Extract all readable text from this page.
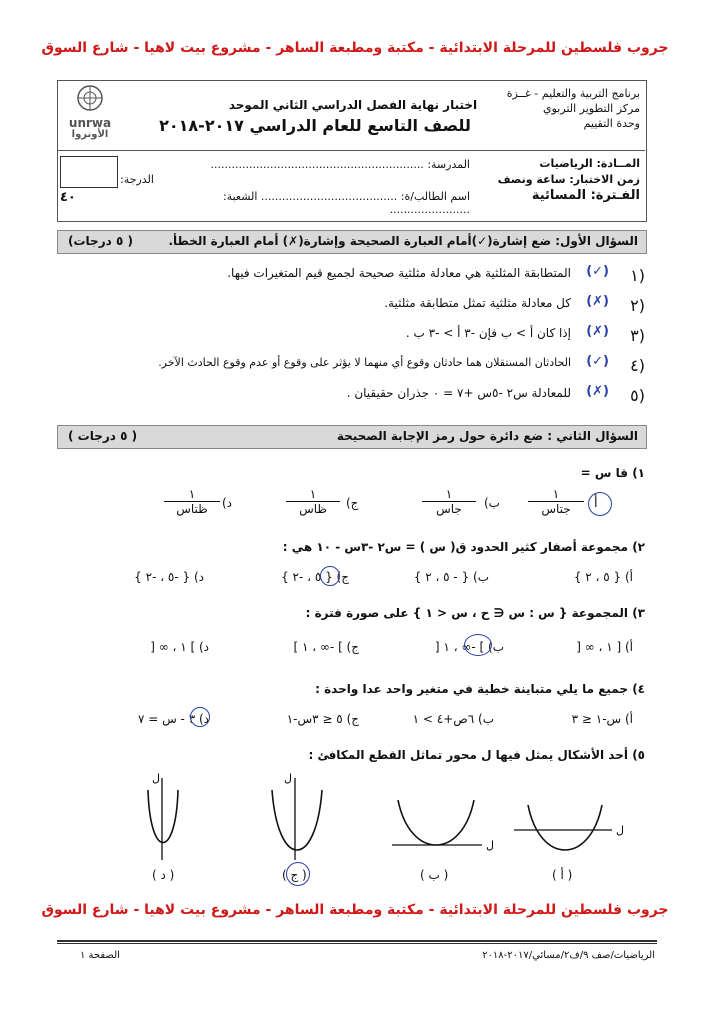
جروب فلسطين للمرحلة الابتدائية - مكتبة ومطبعة الساهر - مشروع بيت لاهيا - شارع السوق
برنامج التربية والتعليم - غــزة
مركز التطوير التربوي
وحدة التقييم
اختبار نهاية الفصل الدراسي الثاني الموحد
للصف التاسع للعام الدراسي ٢٠١٧-٢٠١٨
unrwa
الأونروا
المــادة: الرياضيات
زمن الاختبار: ساعة ونصف
الفـترة: المسائية
المدرسة: .............................................................
اسم الطالب/ة: ....................................... الشعبة: .......................
٤٠
الدرجة:
السؤال الأول: ضع إشارة(✓)أمام العبارة الصحيحة وإشارة(✗) أمام العبارة الخطأ.
( ٥ درجات)
١)
(✓)
المتطابقة المثلثية هي معادلة مثلثية صحيحة لجميع قيم المتغيرات فيها.
٢)
(✗)
كل معادلة مثلثية تمثل متطابقة مثلثية.
٣)
(✗)
إذا كان أ > ب فإن -٣ أ > -٣ ب .
٤)
(✓)
الحادثان المستقلان هما حادثان وقوع أي منهما لا يؤثر على وقوع أو عدم وقوع الحادث الآخر.
٥)
(✗)
للمعادلة س٢ -٥س +٧ = ٠ جذران حقيقيان .
السؤال الثاني : ضع دائرة حول رمز الإجابة الصحيحة
( ٥ درجات )
١) قا س =
أ
١
جتاس
ب)
١
جاس
ج)
١
ظاس
د)
١
ظتاس
٢) مجموعة أصفار كثير الحدود ق( س ) = س٢ -٣س - ١٠ هي :
أ) { ٥ ، ٢ }
ب) { - ٥ ، ٢ }
ج) { ٥ ، -٢ }
د) { -٥ ، -٢ }
٣) المجموعة { س : س ∈ ح ، س < ١ } على صورة فترة :
أ) [ ١ ، ∞ [
ب) ] -∞ ، ١ [
ج) ] -∞ ، ١ ]
د) ] ١ ، ∞ [
٤) جميع ما يلي متباينة خطية في متغير واحد عدا واحدة :
أ) س-١ ≤ ٣
ب) ٦ص+٤ > ١
ج) ٥ ≤ ٣س-١
د) ٣ - س = ٧
٥) أحد الأشكال يمثل فيها ل محور تماثل القطع المكافئ :
ل	ل
ل
ل
( د )	( ج )	( ب )	( أ )
جروب فلسطين للمرحلة الابتدائية - مكتبة ومطبعة الساهر - مشروع بيت لاهيا - شارع السوق
الرياضيات/صف ٩/ف٢/مسائي/٢٠١٧-٢٠١٨
الصفحة ١
